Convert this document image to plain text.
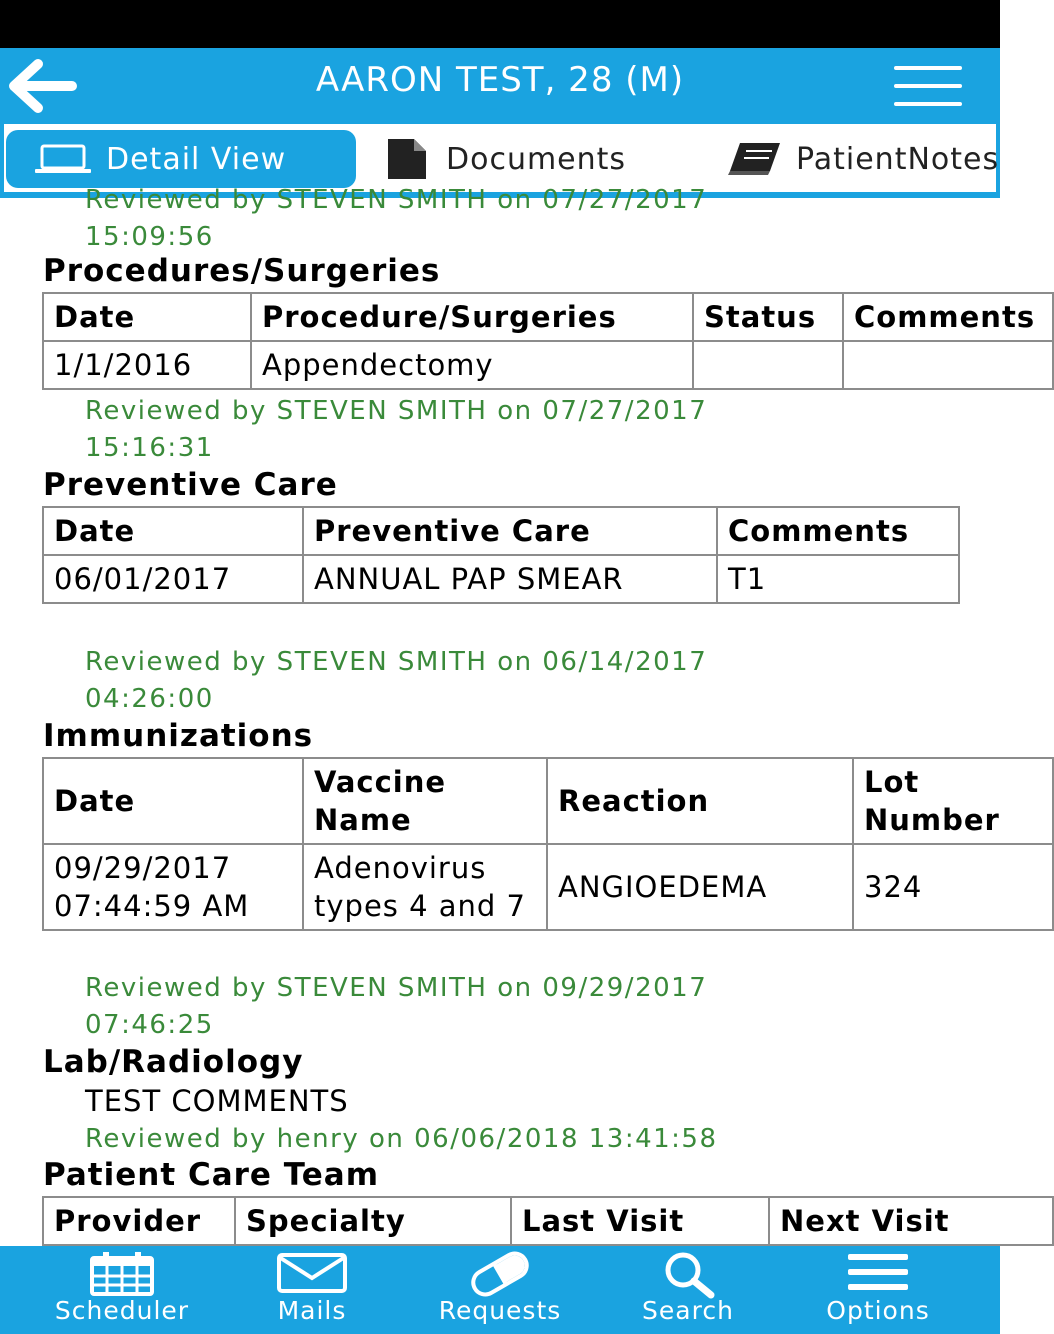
AARON TEST, 28 (M)
Detail View	Documents	PatientNotes
Reviewed by STEVEN SMITH on 07/27/2017
15:09:56
Procedures/Surgeries
Date	Procedure/Surgeries	Status	Comments
1/1/2016	Appendectomy		
Reviewed by STEVEN SMITH on 07/27/2017
15:16:31
Preventive Care
Date	Preventive Care	Comments
06/01/2017	ANNUAL PAP SMEAR	T1
Reviewed by STEVEN SMITH on 06/14/2017
04:26:00
Immunizations
Date	Vaccine Name	Reaction	Lot Number
09/29/2017 07:44:59 AM	Adenovirus types 4 and 7	ANGIOEDEMA	324
Reviewed by STEVEN SMITH on 09/29/2017
07:46:25
Lab/Radiology
TEST COMMENTS
Reviewed by henry on 06/06/2018 13:41:58
Patient Care Team
Provider	Specialty	Last Visit	Next Visit
Scheduler	Mails	Requests	Search	Options
